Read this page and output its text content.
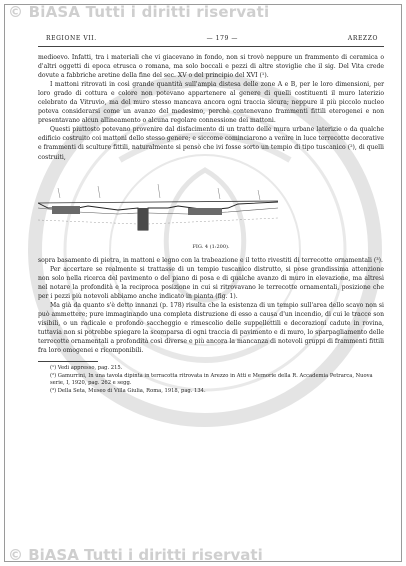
© BiASA Tutti i diritti riservati
REGIONE VII.	— 179 —	AREZZO

medioevo. Infatti, tra i materiali che vi giacevano in fondo, non si trovò neppure un frammento di ceramica o d'altri oggetti di epoca etrusca o romana, ma solo boccali e pezzi di altre stoviglie che il sig. Del Vita crede dovute a fabbriche aretine della fine del sec. XV o del principio del XVI (¹).

I mattoni ritrovati in così grande quantità sull'ampia distesa delle zone A e B, per le loro dimensioni, per loro grado di cottura e colore non potevano appartenere al genere di quelli costituenti il muro laterizio celebrato da Vitruvio, ma del muro stesso mancava ancora ogni traccia sicura; neppure il più piccolo nucleo poteva considerarsi come un avanzo del medesimo, perchè contenevano frammenti fittili eterogenei e non presentavano alcun allineamento o alcuna regolare connessione dei mattoni.

Questi piuttosto potevano provenire dal disfacimento di un tratto delle mura urbane laterizie o da qualche edificio costruito coi mattoni dello stesso genere; e siccome cominciarono a venire in luce terrecotte decorative e frammenti di sculture fittili, naturalmente si pensò che ivi fosse sorto un tempio di tipo tuscanico (²), di quelli costruiti,

FIG. 4 (1:200).

sopra basamento di pietra, in mattoni e legno con la trabeazione e il tetto rivestiti di terrecotte ornamentali (³).

Per accertare se realmente si trattasse di un tempio tuscanico distrutto, si pose grandissima attenzione non solo nella ricerca del pavimento o del piano di posa e di qualche avanzo di muro in elevazione, ma altresì nel notare la profondità e la reciproca posizione in cui si ritrovavano le terrecotte ornamentali, posizione che per i pezzi più notevoli abbiamo anche indicato in pianta (fig. 1).

Ma già da quanto s'è detto innanzi (p. 178) risulta che la esistenza di un tempio sull'area dello scavo non si può ammettere; pure immaginando una completa distruzione di esso a causa d'un incendio, di cui le tracce son visibili, o un radicale e profondo saccheggio e rimescolio delle suppellettili e decorazioni cadute in rovina, tuttavia non si potrebbe spiegare la scomparsa di ogni traccia di pavimento e di muro, lo sparpagliamento delle terrecotte ornamentali a profondità così diverse e più ancora la mancanza di notevoli gruppi di frammenti fittili fra loro omogenei e ricomponibili.

(¹) Vedi appresso, pag. 215.

(²) Gamurrini, In una tavola dipinta in terracotta ritrovata in Arezzo in Atti e Memorie della R. Accademia Petrarca, Nuova serie, I, 1920, pag. 262 e segg.

(³) Della Seta, Museo di Villa Giulia, Roma, 1918, pag. 134.

© BiASA Tutti i diritti riservati
